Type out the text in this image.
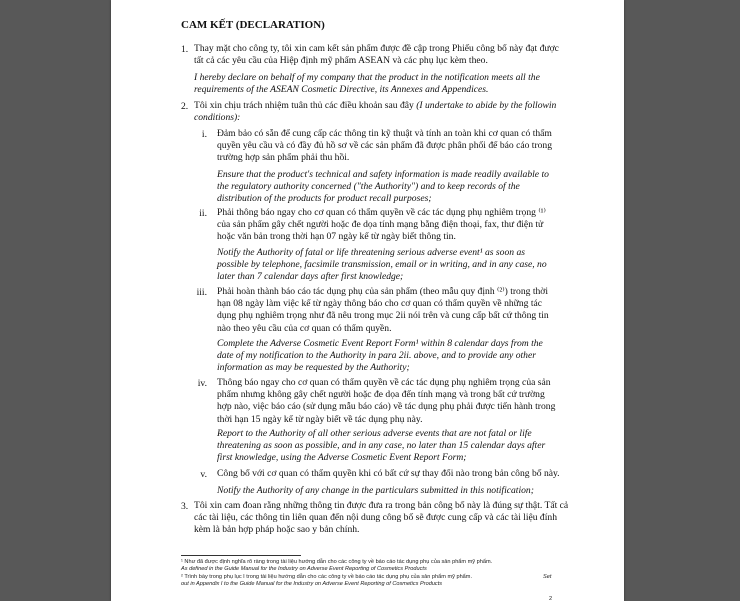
CAM KẾT (DECLARATION)
1. Thay mặt cho công ty, tôi xin cam kết sản phẩm được đề cập trong Phiếu công bố này đạt được tất cả các yêu cầu của Hiệp định mỹ phẩm ASEAN và các phụ lục kèm theo.
I hereby declare on behalf of my company that the product in the notification meets all the requirements of the ASEAN Cosmetic Directive, its Annexes and Appendices.
2. Tôi xin chịu trách nhiệm tuân thủ các điều khoản sau đây (I undertake to abide by the followin conditions):
i. Đảm bảo có sẵn để cung cấp các thông tin kỹ thuật và tính an toàn khi cơ quan có thẩm quyền yêu cầu và có đầy đủ hồ sơ về các sản phẩm đã được phân phối để báo cáo trong trường hợp sản phẩm phải thu hồi.
Ensure that the product's technical and safety information is made readily available to the regulatory authority concerned ("the Authority") and to keep records of the distribution of the products for product recall purposes;
ii. Phải thông báo ngay cho cơ quan có thẩm quyền về các tác dụng phụ nghiêm trọng ⁽¹⁾ của sản phẩm gây chết người hoặc đe dọa tính mạng bằng điện thoại, fax, thư điện tử hoặc văn bản trong thời hạn 07 ngày kể từ ngày biết thông tin.
Notify the Authority of fatal or life threatening serious adverse event¹ as soon as possible by telephone, facsimile transmission, email or in writing, and in any case, no later than 7 calendar days after first knowledge;
iii. Phải hoàn thành báo cáo tác dụng phụ của sản phẩm (theo mẫu quy định ⁽²⁾) trong thời hạn 08 ngày làm việc kể từ ngày thông báo cho cơ quan có thẩm quyền về những tác dụng phụ nghiêm trọng như đã nêu trong mục 2ii nói trên và cung cấp bất cứ thông tin nào theo yêu cầu của cơ quan có thẩm quyền.
Complete the Adverse Cosmetic Event Report Form¹ within 8 calendar days from the date of my notification to the Authority in para 2ii. above, and to provide any other information as may be requested by the Authority;
iv. Thông báo ngay cho cơ quan có thẩm quyền về các tác dụng phụ nghiêm trọng của sản phẩm nhưng không gây chết người hoặc đe dọa đến tính mạng và trong bất cứ trường hợp nào, việc báo cáo (sử dụng mẫu báo cáo) về tác dụng phụ phải được tiến hành trong thời hạn 15 ngày kể từ ngày biết về tác dụng phụ này.
Report to the Authority of all other serious adverse events that are not fatal or life threatening as soon as possible, and in any case, no later than 15 calendar days after first knowledge, using the Adverse Cosmetic Event Report Form;
v. Công bố với cơ quan có thẩm quyền khi có bất cứ sự thay đổi nào trong bản công bố này.
Notify the Authority of any change in the particulars submitted in this notification;
3. Tôi xin cam đoan rằng những thông tin được đưa ra trong bản công bố này là đúng sự thật. Tất cả các tài liệu, các thông tin liên quan đến nội dung công bố sẽ được cung cấp và các tài liệu đính kèm là bản hợp pháp hoặc sao y bản chính.
¹ Như đã được định nghĩa rõ ràng trong tài liệu hướng dẫn cho các công ty về báo cáo tác dụng phụ của sản phẩm mỹ phẩm.
As defined in the Guide Manual for the Industry on Adverse Event Reporting of Cosmetics Products
² Trình bày trong phụ lục I trong tài liệu hướng dẫn cho các công ty về báo cáo tác dụng phụ của sản phẩm mỹ phẩm.	Set
out in Appendix I to the Guide Manual for the Industry on Adverse Event Reporting of Cosmetics Products
2
